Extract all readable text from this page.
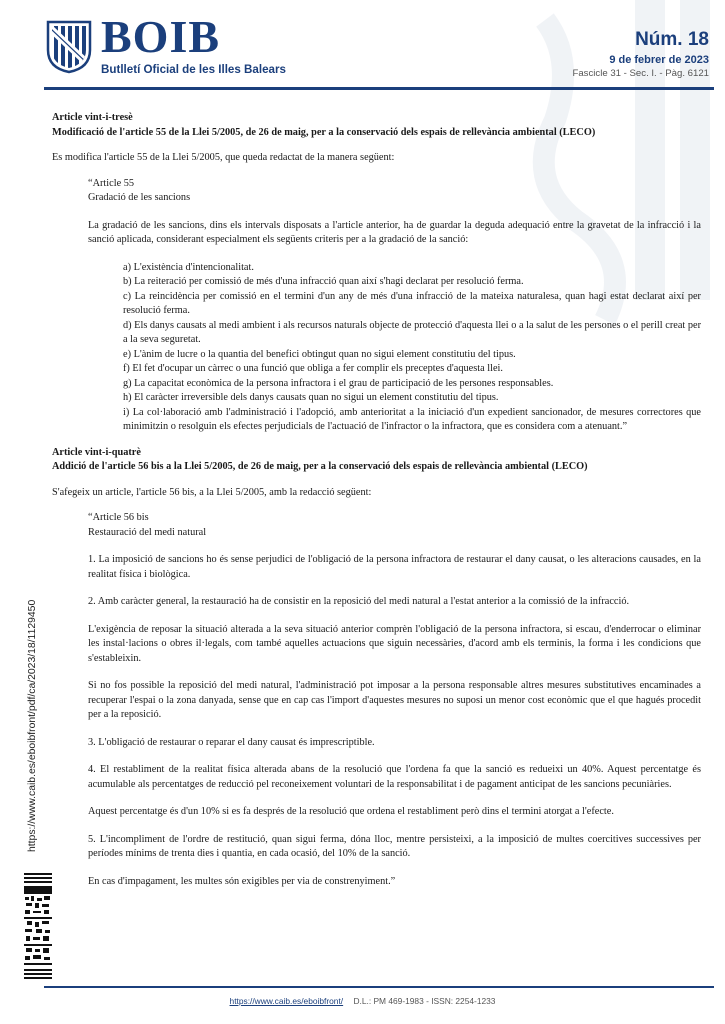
BOIB
Butlletí Oficial de les Illes Balears
Núm. 18
9 de febrer de 2023
Fascicle 31 - Sec. I. - Pàg. 6121

Article vint-i-tresè

Modificació de l'article 55 de la Llei 5/2005, de 26 de maig, per a la conservació dels espais de rellevància ambiental (LECO)

Es modifica l'article 55 de la Llei 5/2005, que queda redactat de la manera següent:

“Article 55

Gradació de les sancions

La gradació de les sancions, dins els intervals disposats a l'article anterior, ha de guardar la deguda adequació entre la gravetat de la infracció i la sanció aplicada, considerant especialment els següents criteris per a la gradació de la sanció:

a) L'existència d'intencionalitat.

b) La reiteració per comissió de més d'una infracció quan així s'hagi declarat per resolució ferma.

c) La reincidència per comissió en el termini d'un any de més d'una infracció de la mateixa naturalesa, quan hagi estat declarat així per resolució ferma.

d) Els danys causats al medi ambient i als recursos naturals objecte de protecció d'aquesta llei o a la salut de les persones o el perill creat per a la seva seguretat.

e) L'ànim de lucre o la quantia del benefici obtingut quan no sigui element constitutiu del tipus.

f) El fet d'ocupar un càrrec o una funció que obliga a fer complir els preceptes d'aquesta llei.

g) La capacitat econòmica de la persona infractora i el grau de participació de les persones responsables.

h) El caràcter irreversible dels danys causats quan no sigui un element constitutiu del tipus.

i) La col·laboració amb l'administració i l'adopció, amb anterioritat a la iniciació d'un expedient sancionador, de mesures correctores que minimitzin o resolguin els efectes perjudicials de l'actuació de l'infractor o la infractora, que es considera com a atenuant.”

Article vint-i-quatrè

Addició de l'article 56 bis a la Llei 5/2005, de 26 de maig, per a la conservació dels espais de rellevància ambiental (LECO)

S'afegeix un article, l'article 56 bis, a la Llei 5/2005, amb la redacció següent:

“Article 56 bis

Restauració del medi natural

1. La imposició de sancions ho és sense perjudici de l'obligació de la persona infractora de restaurar el dany causat, o les alteracions causades, en la realitat física i biològica.

2. Amb caràcter general, la restauració ha de consistir en la reposició del medi natural a l'estat anterior a la comissió de la infracció.

L'exigència de reposar la situació alterada a la seva situació anterior comprèn l'obligació de la persona infractora, si escau, d'enderrocar o eliminar les instal·lacions o obres il·legals, com també aquelles actuacions que siguin necessàries, d'acord amb els terminis, la forma i les condicions que s'estableixin.

Si no fos possible la reposició del medi natural, l'administració pot imposar a la persona responsable altres mesures substitutives encaminades a recuperar l'espai o la zona danyada, sense que en cap cas l'import d'aquestes mesures no suposi un menor cost econòmic que el que hagués procedit per a la reposició.

3. L'obligació de restaurar o reparar el dany causat és imprescriptible.

4. El restabliment de la realitat física alterada abans de la resolució que l'ordena fa que la sanció es redueixi un 40%. Aquest percentatge és acumulable als percentatges de reducció pel reconeixement voluntari de la responsabilitat i de pagament anticipat de les sancions pecuniàries.

Aquest percentatge és d'un 10% si es fa després de la resolució que ordena el restabliment però dins el termini atorgat a l'efecte.

5. L'incompliment de l'ordre de restitució, quan sigui ferma, dóna lloc, mentre persisteixi, a la imposició de multes coercitives successives per períodes mínims de trenta dies i quantia, en cada ocasió, del 10% de la sanció.

En cas d'impagament, les multes són exigibles per via de constrenyiment.”

https://www.caib.es/eboibfront/pdf/ca/2023/18/1129450
https://www.caib.es/eboibfront/ D.L.: PM 469-1983 - ISSN: 2254-1233
